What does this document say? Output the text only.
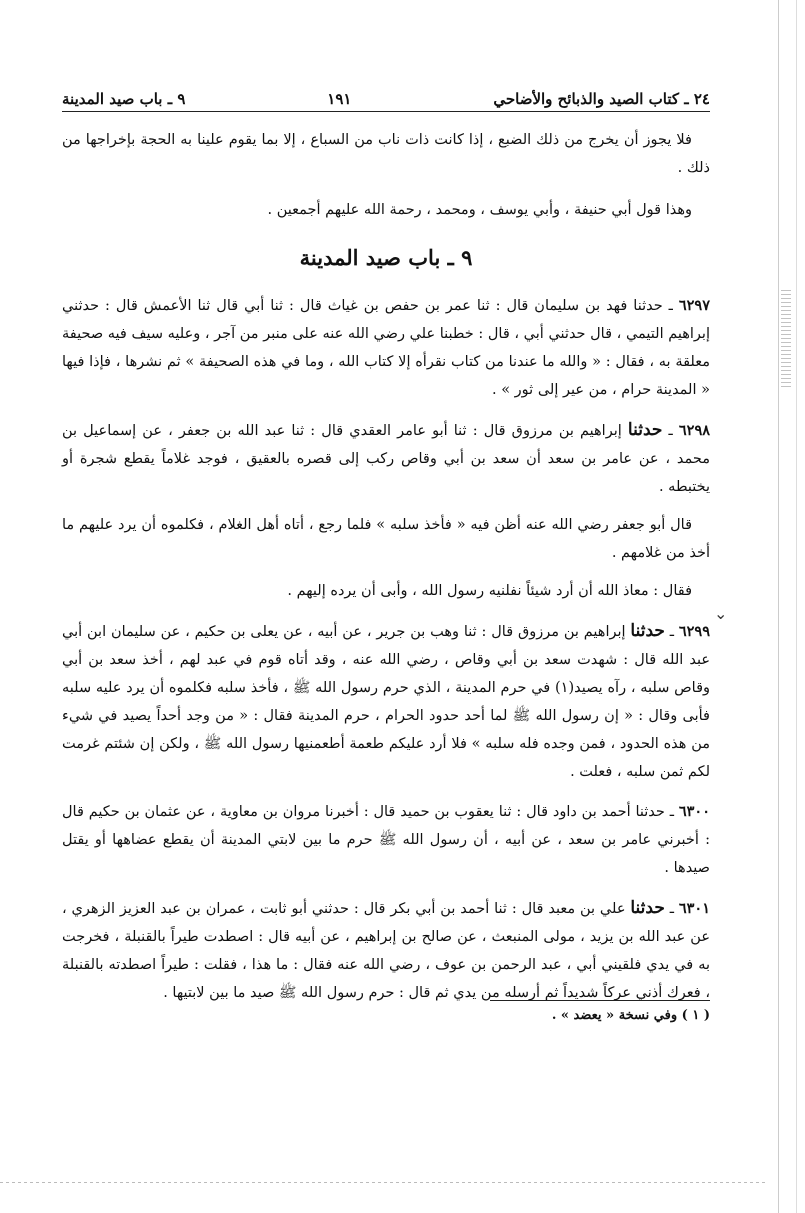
٢٤ ـ كتاب الصيد والذبائح والأضاحي
١٩١
٩ ـ باب صيد المدينة
⌄

فلا يجوز أن يخرج من ذلك الضبع ، إذا كانت ذات ناب من السباع ، إلا بما يقوم علينا به الحجة بإخراجها من ذلك .

وهذا قول أبي حنيفة ، وأبي يوسف ، ومحمد ، رحمة الله عليهم أجمعين .

٩ ـ باب صيد المدينة

٦٢٩٧ ـ حدثنا فهد بن سليمان قال : ثنا عمر بن حفص بن غياث قال : ثنا أبي قال ثنا الأعمش قال : حدثني إبراهيم التيمي ، قال حدثني أبي ، قال : خطبنا علي رضي الله عنه على منبر من آجر ، وعليه سيف فيه صحيفة معلقة به ، فقال : « والله ما عندنا من كتاب نقرأه إلا كتاب الله ، وما في هذه الصحيفة » ثم نشرها ، فإذا فيها « المدينة حرام ، من عير إلى ثور » .

٦٢٩٨ ـ حدثنا إبراهيم بن مرزوق قال : ثنا أبو عامر العقدي قال : ثنا عبد الله بن جعفر ، عن إسماعيل بن محمد ، عن عامر بن سعد أن سعد بن أبي وقاص ركب إلى قصره بالعقيق ، فوجد غلاماً يقطع شجرة أو يختبطه .

قال أبو جعفر رضي الله عنه أظن فيه « فأخذ سلبه » فلما رجع ، أتاه أهل الغلام ، فكلموه أن يرد عليهم ما أخذ من غلامهم .

فقال : معاذ الله أن أرد شيئاً نفلنيه رسول الله ، وأبى أن يرده إليهم .

٦٢٩٩ ـ حدثنا إبراهيم بن مرزوق قال : ثنا وهب بن جرير ، عن أبيه ، عن يعلى بن حكيم ، عن سليمان ابن أبي عبد الله قال : شهدت سعد بن أبي وقاص ، رضي الله عنه ، وقد أتاه قوم في عبد لهم ، أخذ سعد بن أبي وقاص سلبه ، رآه يصيد(١) في حرم المدينة ، الذي حرم رسول الله ﷺ ، فأخذ سلبه فكلموه أن يرد عليه سلبه فأبى وقال : « إن رسول الله ﷺ لما أحد حدود الحرام ، حرم المدينة فقال : « من وجد أحداً يصيد في شيء من هذه الحدود ، فمن وجده فله سلبه » فلا أرد عليكم طعمة أطعمنيها رسول الله ﷺ ، ولكن إن شئتم غرمت لكم ثمن سلبه ، فعلت .

٦٣٠٠ ـ حدثنا أحمد بن داود قال : ثنا يعقوب بن حميد قال : أخبرنا مروان بن معاوية ، عن عثمان بن حكيم قال : أخبرني عامر بن سعد ، عن أبيه ، أن رسول الله ﷺ حرم ما بين لابتي المدينة أن يقطع عضاهها أو يقتل صيدها .

٦٣٠١ ـ حدثنا علي بن معبد قال : ثنا أحمد بن أبي بكر قال : حدثني أبو ثابت ، عمران بن عبد العزيز الزهري ، عن عبد الله بن يزيد ، مولى المنبعث ، عن صالح بن إبراهيم ، عن أبيه قال : اصطدت طيراً بالقنبلة ، فخرجت به في يدي فلقيني أبي ، عبد الرحمن بن عوف ، رضي الله عنه فقال : ما هذا ، فقلت : طيراً اصطدته بالقنبلة ، فعرك أذني عركاً شديداً ثم أرسله من يدي ثم قال : حرم رسول الله ﷺ صيد ما بين لابتيها .

( ١ ) وفي نسخة « يعضد » .
